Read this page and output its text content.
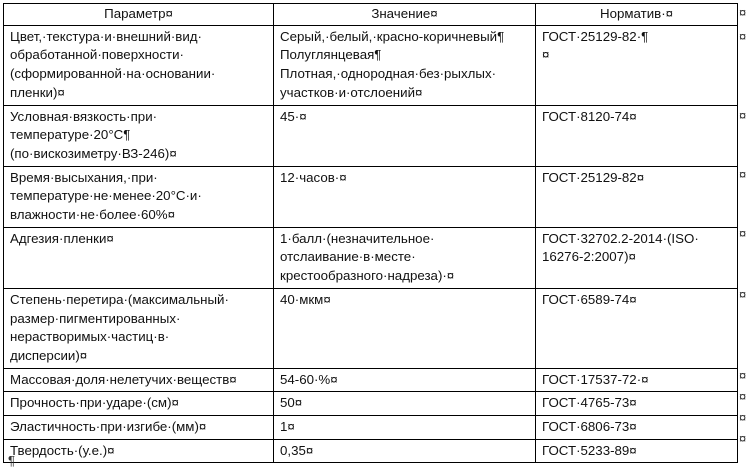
Параметр¤	Значение¤	Норматив·¤

Цвет,·текстура·и·внешний·вид·
обработанной·поверхности·
(сформированной·на·основании·
пленки)¤	Серый,·белый,·красно-коричневый¶
Полуглянцевая¶
Плотная,·однородная·без·рыхлых·
участков·и·отслоений¤	ГОСТ·25129-82·¶
¤

Условная·вязкость·при·
температуре·20°С¶
(по·вискозиметру·ВЗ-246)¤	45·¤	ГОСТ·8120-74¤

Время·высыхания,·при·
температуре·не·менее·20°С·и·
влажности·не·более·60%¤	12·часов·¤	ГОСТ·25129-82¤

Адгезия·пленки¤	1·балл·(незначительное·
отслаивание·в·месте·
крестообразного·надреза)·¤	ГОСТ·32702.2-2014·(ISO·
16276-2:2007)¤

Степень·перетира·(максимальный·
размер·пигментированных·
нерастворимых·частиц·в·
дисперсии)¤	40·мкм¤	ГОСТ·6589-74¤

Массовая·доля·нелетучих·веществ¤	54-60·%¤	ГОСТ·17537-72·¤

Прочность·при·ударе·(см)¤	50¤	ГОСТ·4765-73¤

Эластичность·при·изгибе·(мм)¤	1¤	ГОСТ·6806-73¤

Твердость·(у.е.)¤	0,35¤	ГОСТ·5233-89¤
¤
¤
¤
¤
¤
¤
¤
¤
¤
¤
¶
